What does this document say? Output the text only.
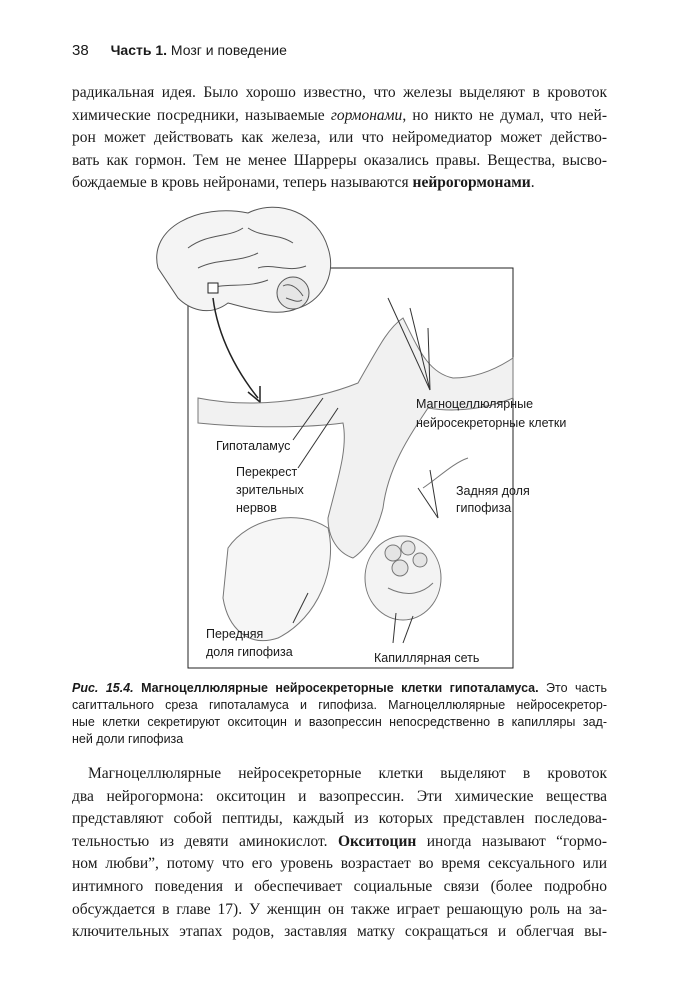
38 Часть 1. Мозг и поведение
радикальная идея. Было хорошо известно, что железы выделяют в кровоток
химические посредники, называемые гормонами, но никто не думал, что ней-
рон может действовать как железа, или что нейромедиатор может действо-
вать как гормон. Тем не менее Шарреры оказались правы. Вещества, высво-
бождаемые в кровь нейронами, теперь называются нейрогормонами.
Магноцеллюлярные
нейросекреторные клетки
Гипоталамус
Перекрест
зрительных
нервов
Задняя доля
гипофиза
Передняя
доля гипофиза	Капиллярная сеть
Рис. 15.4. Магноцеллюлярные нейросекреторные клетки гипоталамуса. Это часть
сагиттального среза гипоталамуса и гипофиза. Магноцеллюлярные нейросекретор-
ные клетки секретируют окситоцин и вазопрессин непосредственно в капилляры зад-
ней доли гипофиза
Магноцеллюлярные нейросекреторные клетки выделяют в кровоток
два нейрогормона: окситоцин и вазопрессин. Эти химические вещества
представляют собой пептиды, каждый из которых представлен последова-
тельностью из девяти аминокислот. Окситоцин иногда называют “гормо-
ном любви”, потому что его уровень возрастает во время сексуального или
интимного поведения и обеспечивает социальные связи (более подробно
обсуждается в главе 17). У женщин он также играет решающую роль на за-
ключительных этапах родов, заставляя матку сокращаться и облегчая вы-
